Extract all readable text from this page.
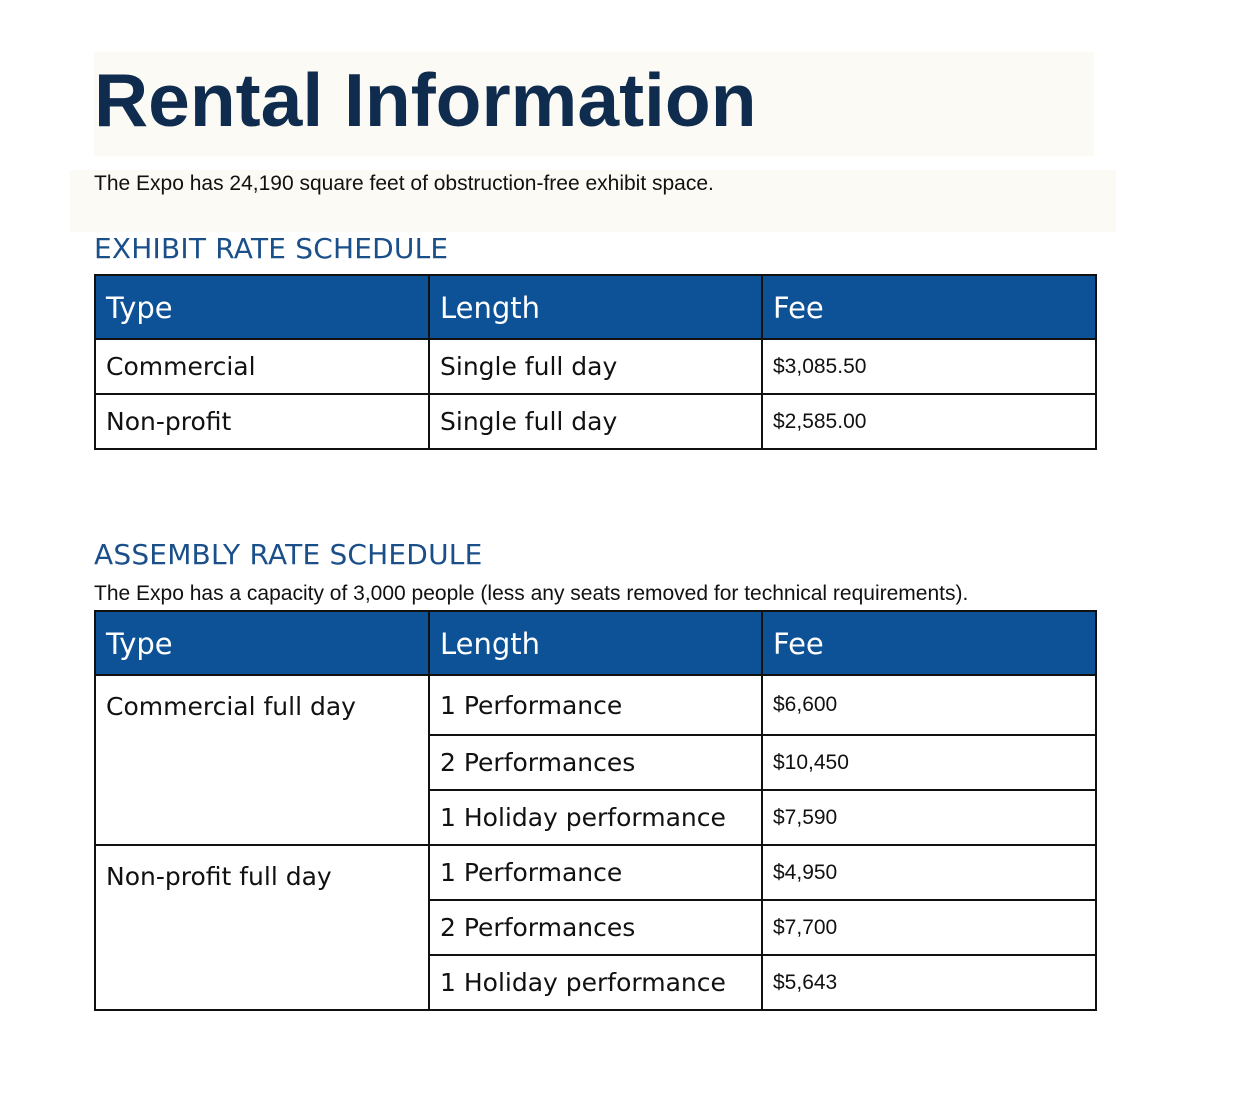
Rental Information
The Expo has 24,190 square feet of obstruction-free exhibit space.
EXHIBIT RATE SCHEDULE
Type	Length	Fee
Commercial	Single full day	$3,085.50
Non-profit	Single full day	$2,585.00
ASSEMBLY RATE SCHEDULE
The Expo has a capacity of 3,000 people (less any seats removed for technical requirements).
Type	Length	Fee
Commercial full day	1 Performance	$6,600
	2 Performances	$10,450
	1 Holiday performance	$7,590
Non-profit full day	1 Performance	$4,950
	2 Performances	$7,700
	1 Holiday performance	$5,643
